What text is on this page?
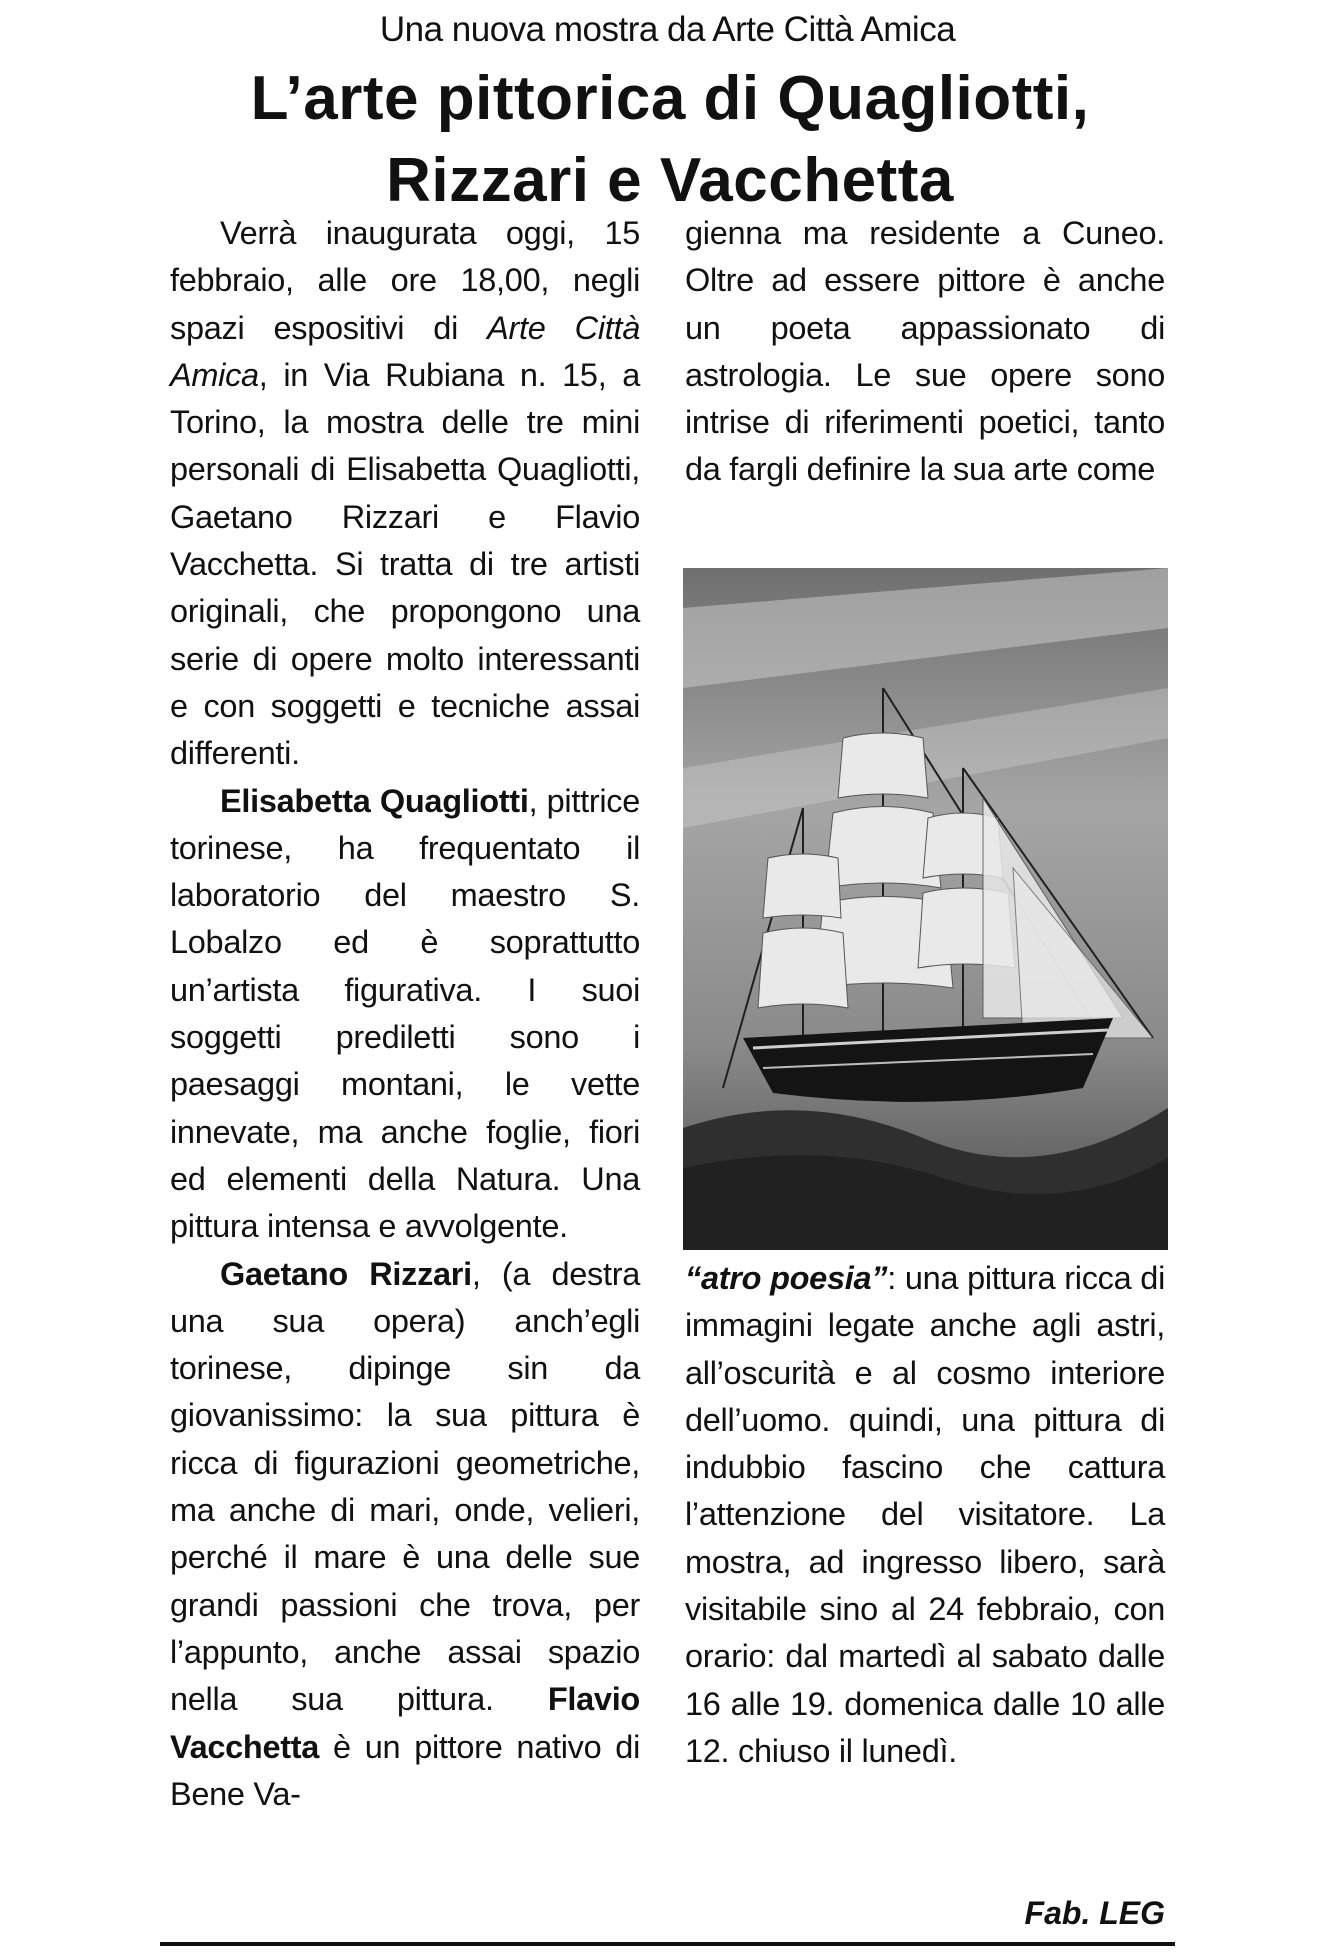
Una nuova mostra da Arte Città Amica
L’arte pittorica di Quagliotti,
Rizzari e Vacchetta

Verrà inaugurata oggi, 15 febbraio, alle ore 18,00, negli spazi espositivi di Arte Città Amica, in Via Rubiana n. 15, a Torino, la mostra delle tre mini personali di Elisabetta Quagliotti, Gaetano Rizzari e Flavio Vacchetta. Si tratta di tre artisti originali, che propongono una serie di opere molto interessanti e con soggetti e tecniche assai differenti.

Elisabetta Quagliotti, pittrice torinese, ha frequentato il laboratorio del maestro S. Lobalzo ed è soprattutto un’artista figurativa. I suoi soggetti prediletti sono i paesaggi montani, le vette innevate, ma anche foglie, fiori ed elementi della Natura. Una pittura intensa e avvolgente.

Gaetano Rizzari, (a destra una sua opera) anch’egli torinese, dipinge sin da giovanissimo: la sua pittura è ricca di figurazioni geometriche, ma anche di mari, onde, velieri, perché il mare è una delle sue grandi passioni che trova, per l’appunto, anche assai spazio nella sua pittura. Flavio Vacchetta è un pittore nativo di Bene Va-

gienna ma residente a Cuneo. Oltre ad essere pittore è anche un poeta appassionato di astrologia. Le sue opere sono intrise di riferimenti poetici, tanto da fargli definire la sua arte come

“atro poesia”: una pittura ricca di immagini legate anche agli astri, all’oscurità e al cosmo interiore dell’uomo. quindi, una pittura di indubbio fascino che cattura l’attenzione del visitatore. La mostra, ad ingresso libero, sarà visitabile sino al 24 febbraio, con orario: dal martedì al sabato dalle 16 alle 19. domenica dalle 10 alle 12. chiuso il lunedì.

Fab. LEG
